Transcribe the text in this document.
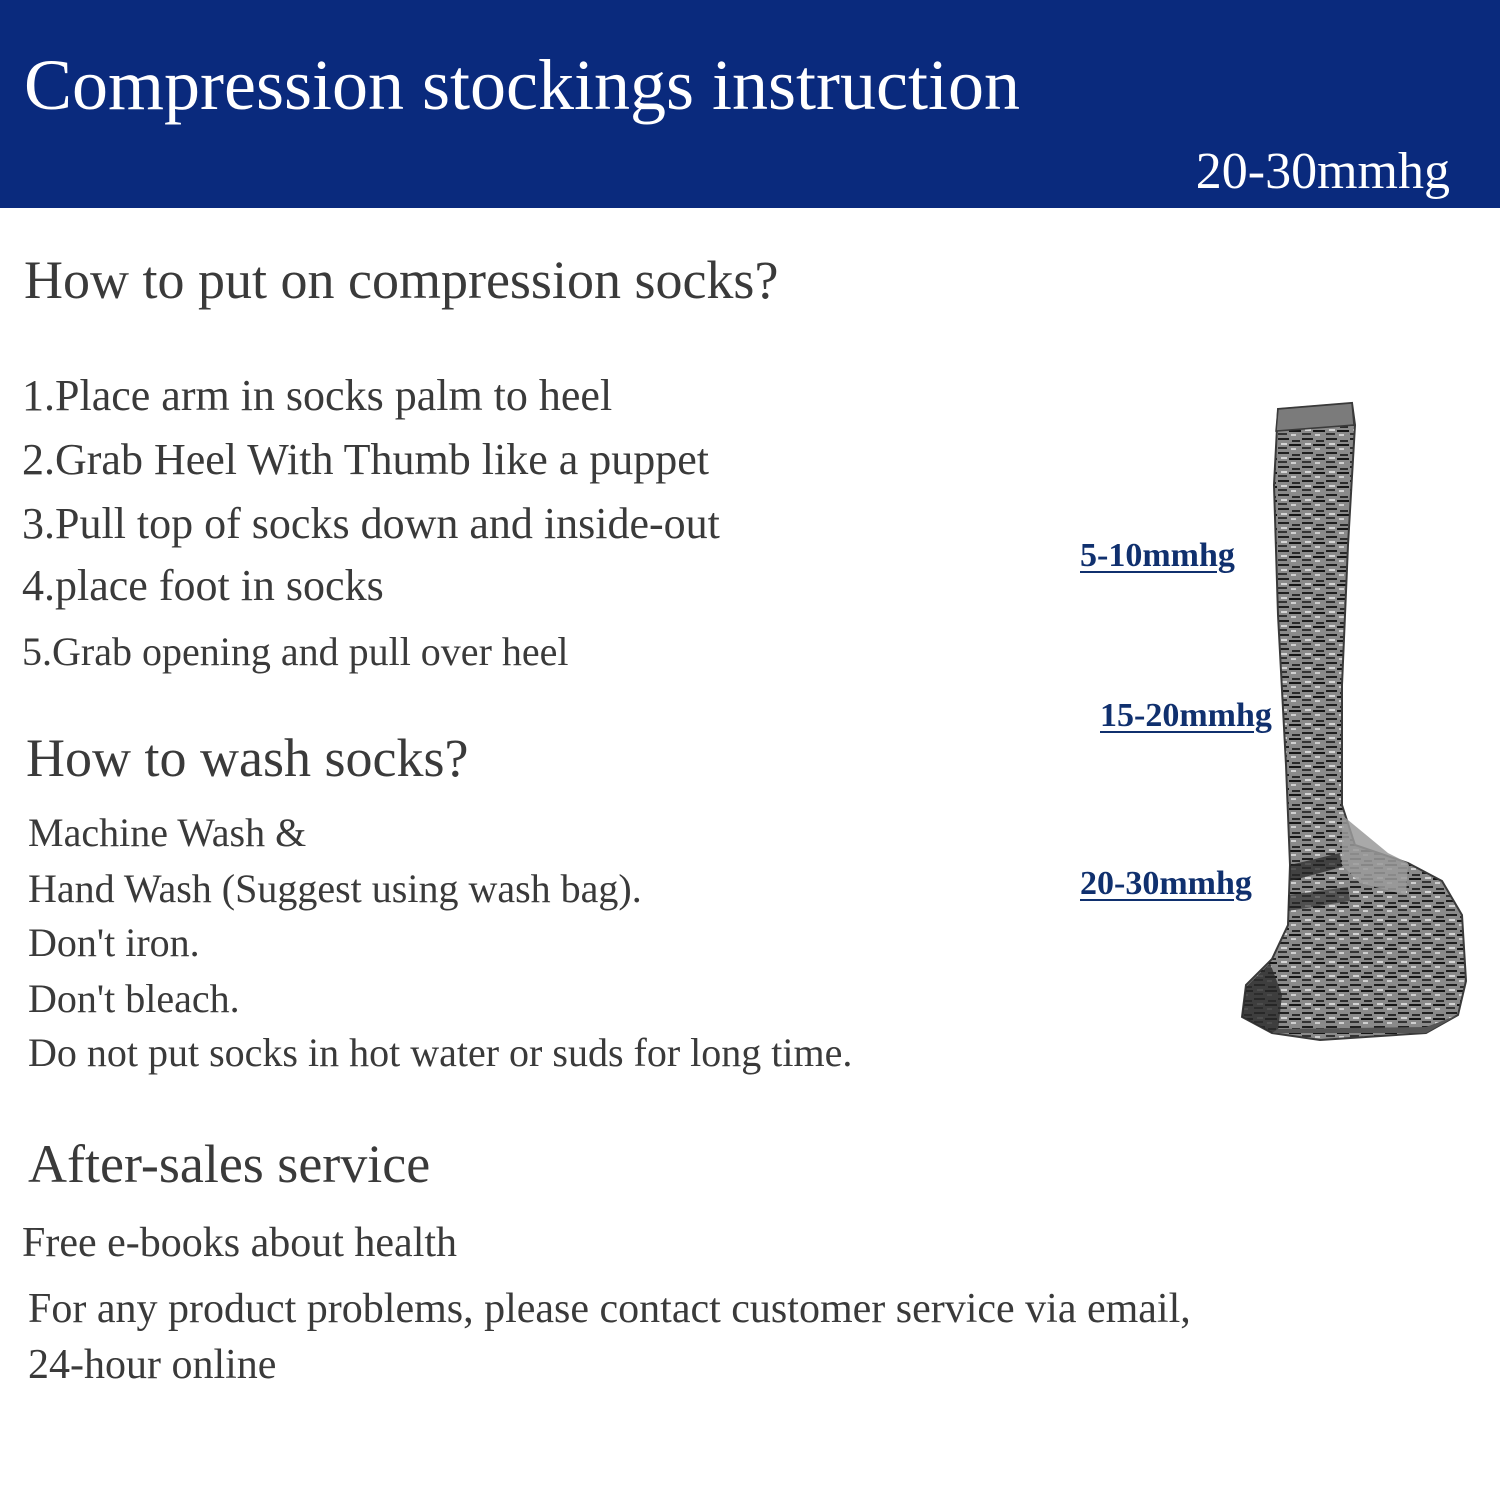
Compression stockings instruction
20-30mmhg
How to put on compression socks?
1.Place arm in socks palm to heel
2.Grab Heel With Thumb like a puppet
3.Pull top of socks down and inside-out
4.place foot in socks
5.Grab opening and pull over heel
How to wash socks?
Machine Wash &
Hand Wash (Suggest using wash bag).
Don't iron.
Don't bleach.
Do not put socks in hot water or suds for long time.
After-sales service
Free e-books about health
For any product problems, please contact customer service via email,
24-hour online
5-10mmhg
15-20mmhg
20-30mmhg
